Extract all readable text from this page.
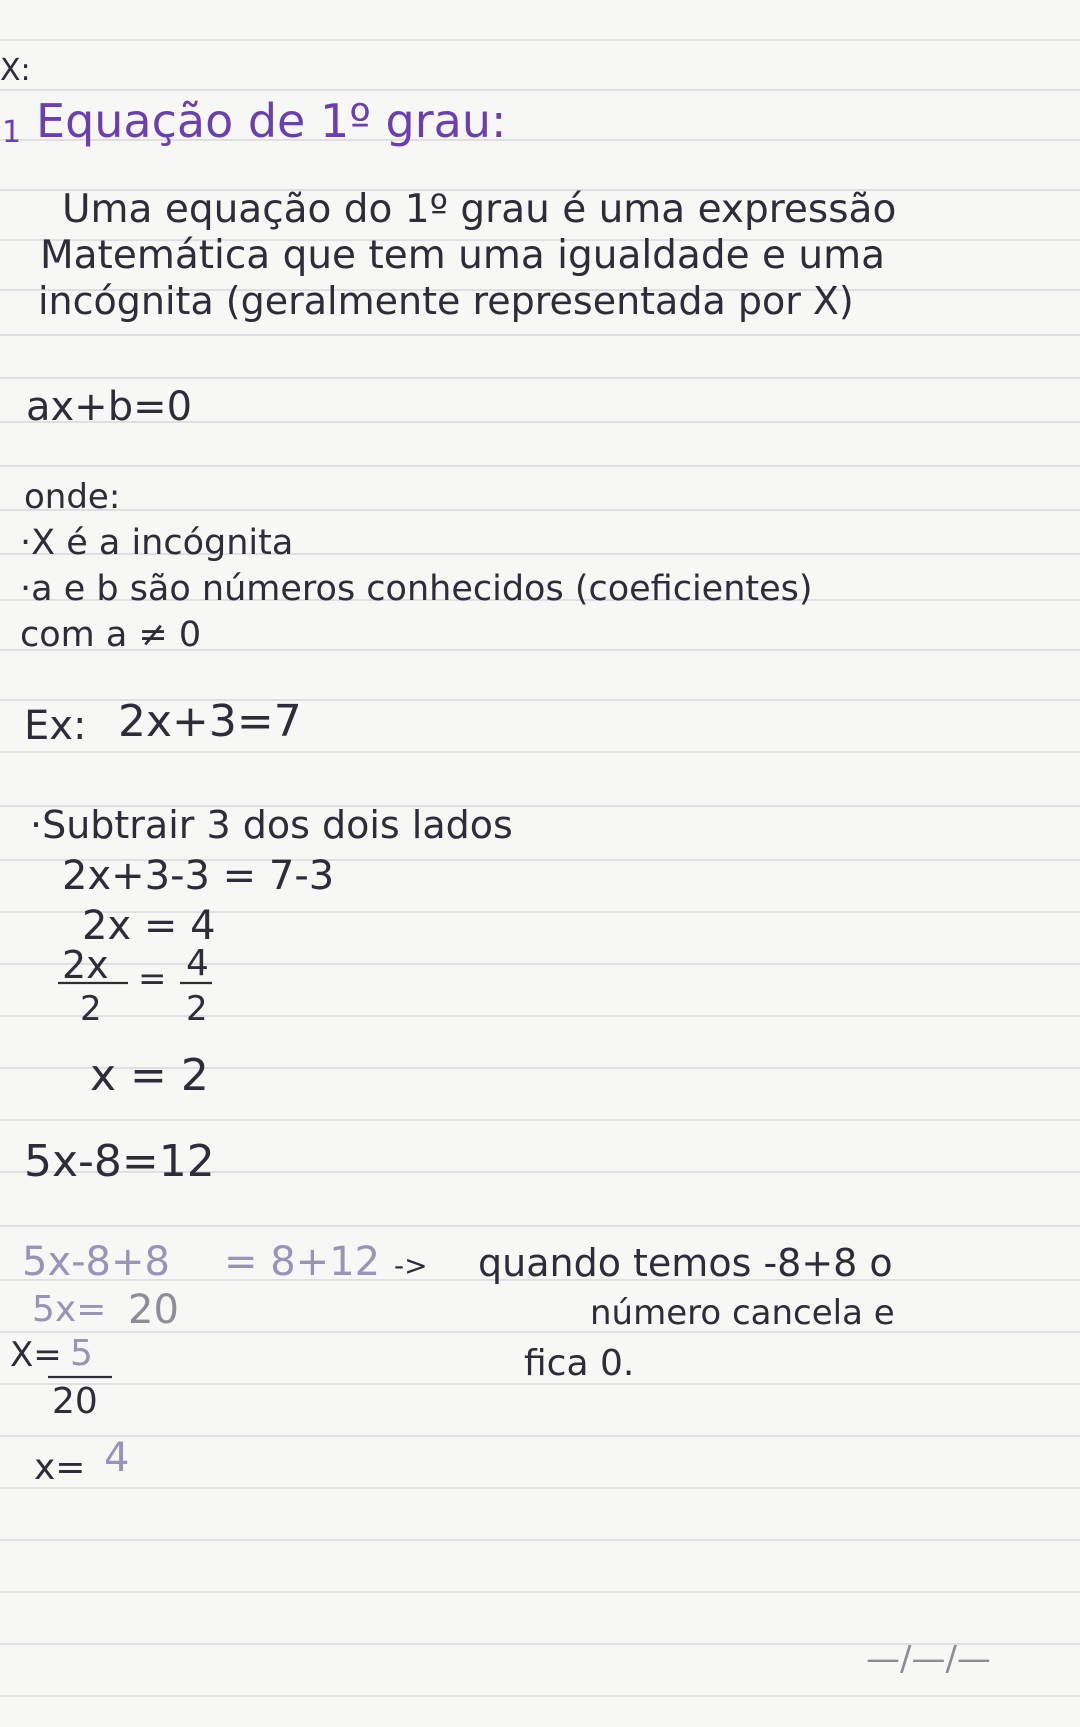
X:
1 Equação de 1º grau:
Uma equação do 1º grau é uma expressão
Matemática que tem uma igualdade e uma
incógnita (geralmente representada por X)
ax+b=0
onde:
·X é a incógnita
·a e b são números conhecidos (coeficientes)
com a ≠ 0
Ex: 2x+3=7
·Subtrair 3 dos dois lados
2x+3-3 = 7-3
2x = 4
2x
2
= 4
2
x = 2
5x-8=12
5x-8+8 = 8+12 -> quando temos -8+8 o
número cancela e
fica 0.
5x= 20
X= 5
20
x= 4
—/—/—
